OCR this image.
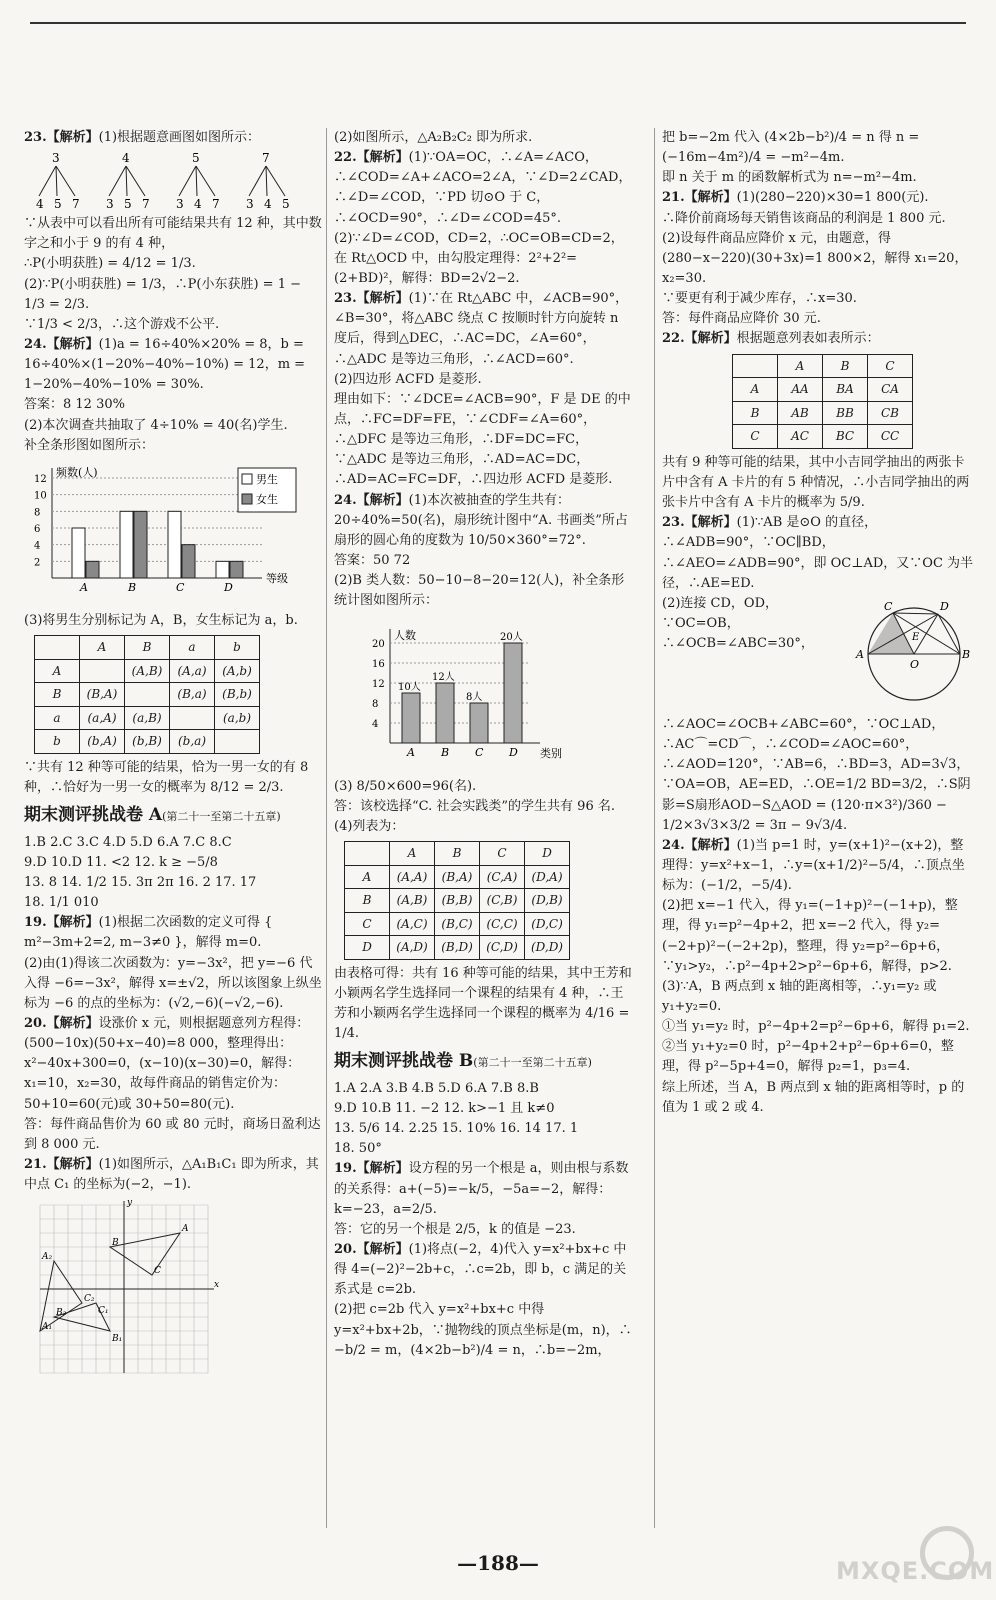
23.【解析】(1)根据题意画图如图所示：

3
4 5 7
4
3 5 7
5
3 4 7
7
3 4 5

∵从表中可以看出所有可能结果共有 12 种，其中数字之和小于 9 的有 4 种，

∴P(小明获胜) = 4/12 = 1/3.

(2)∵P(小明获胜) = 1/3，∴P(小东获胜) = 1 − 1/3 = 2/3.

∵1/3 < 2/3，∴这个游戏不公平.

24.【解析】(1)a = 16÷40%×20% = 8，b = 16÷40%×(1−20%−40%−10%) = 12，m = 1−20%−40%−10% = 30%.

答案：8 12 30%

(2)本次调查共抽取了 4÷10% = 40(名)学生.

补全条形图如图所示：

2
4
6
8
10
12
频数(人)
等级
A	B	C	D
男生
女生

(3)将男生分别标记为 A，B，女生标记为 a，b.

	A	B	a	b
A		(A,B)	(A,a)	(A,b)
B	(B,A)		(B,a)	(B,b)
a	(a,A)	(a,B)		(a,b)
b	(b,A)	(b,B)	(b,a)	

∵共有 12 种等可能的结果，恰为一男一女的有 8 种，∴恰好为一男一女的概率为 8/12 = 2/3.

期末测评挑战卷 A(第二十一至第二十五章)

1.B 2.C 3.C 4.D 5.D 6.A 7.C 8.C

9.D 10.D 11. <2 12. k ≥ −5/8

13. 8 14. 1/2 15. 3π 2π 16. 2 17. 17

18. 1/1 010

19.【解析】(1)根据二次函数的定义可得 { m²−3m+2=2, m−3≠0 }，解得 m=0.

(2)由(1)得该二次函数为：y=−3x²，把 y=−6 代入得 −6=−3x²，解得 x=±√2，所以该图象上纵坐标为 −6 的点的坐标为：(√2,−6)(−√2,−6).

20.【解析】设涨价 x 元，则根据题意列方程得：(500−10x)(50+x−40)=8 000，整理得出：x²−40x+300=0，(x−10)(x−30)=0，解得：x₁=10，x₂=30，故每件商品的销售定价为：50+10=60(元)或 30+50=80(元).

答：每件商品售价为 60 或 80 元时，商场日盈利达到 8 000 元.

21.【解析】(1)如图所示，△A₁B₁C₁ 即为所求，其中点 C₁ 的坐标为(−2，−1).

x
y
B
A
C
A₂
B₂
C₂
A₁
C₁
B₁

(2)如图所示，△A₂B₂C₂ 即为所求.

22.【解析】(1)∵OA=OC，∴∠A=∠ACO，∴∠COD=∠A+∠ACO=2∠A，∵∠D=2∠CAD，∴∠D=∠COD，∵PD 切⊙O 于 C，∴∠OCD=90°，∴∠D=∠COD=45°.

(2)∵∠D=∠COD，CD=2，∴OC=OB=CD=2，在 Rt△OCD 中，由勾股定理得：2²+2²=(2+BD)²，解得：BD=2√2−2.

23.【解析】(1)∵在 Rt△ABC 中，∠ACB=90°，∠B=30°，将△ABC 绕点 C 按顺时针方向旋转 n 度后，得到△DEC，∴AC=DC，∠A=60°，∴△ADC 是等边三角形，∴∠ACD=60°.

(2)四边形 ACFD 是菱形.

理由如下：∵∠DCE=∠ACB=90°，F 是 DE 的中点，∴FC=DF=FE，∵∠CDF=∠A=60°，∴△DFC 是等边三角形，∴DF=DC=FC，∵△ADC 是等边三角形，∴AD=AC=DC，∴AD=AC=FC=DF，∴四边形 ACFD 是菱形.

24.【解析】(1)本次被抽查的学生共有：20÷40%=50(名)，扇形统计图中“A. 书画类”所占扇形的圆心角的度数为 10/50×360°=72°.

答案：50 72

(2)B 类人数：50−10−8−20=12(人)，补全条形统计图如图所示：

4
8
12
16
20
人数
类别
10人
A
12人
B
8人
C
20人
D

(3) 8/50×600=96(名).

答：该校选择“C. 社会实践类”的学生共有 96 名.

(4)列表为：

	A	B	C	D
A	(A,A)	(B,A)	(C,A)	(D,A)
B	(A,B)	(B,B)	(C,B)	(D,B)
C	(A,C)	(B,C)	(C,C)	(D,C)
D	(A,D)	(B,D)	(C,D)	(D,D)

由表格可得：共有 16 种等可能的结果，其中王芳和小颖两名学生选择同一个课程的结果有 4 种，∴王芳和小颖两名学生选择同一个课程的概率为 4/16 = 1/4.

期末测评挑战卷 B(第二十一至第二十五章)

1.A 2.A 3.B 4.B 5.D 6.A 7.B 8.B

9.D 10.B 11. −2 12. k>−1 且 k≠0

13. 5/6 14. 2.25 15. 10% 16. 14 17. 1

18. 50°

19.【解析】设方程的另一个根是 a，则由根与系数的关系得：a+(−5)=−k/5，−5a=−2，解得：k=−23，a=2/5.

答：它的另一个根是 2/5，k 的值是 −23.

20.【解析】(1)将点(−2，4)代入 y=x²+bx+c 中得 4=(−2)²−2b+c，∴c=2b，即 b，c 满足的关系式是 c=2b.

(2)把 c=2b 代入 y=x²+bx+c 中得 y=x²+bx+2b，∵抛物线的顶点坐标是(m，n)，∴ −b/2 = m，(4×2b−b²)/4 = n，∴b=−2m，

把 b=−2m 代入 (4×2b−b²)/4 = n 得 n = (−16m−4m²)/4 = −m²−4m.

即 n 关于 m 的函数解析式为 n=−m²−4m.

21.【解析】(1)(280−220)×30=1 800(元).

∴降价前商场每天销售该商品的利润是 1 800 元.

(2)设每件商品应降价 x 元，由题意，得 (280−x−220)(30+3x)=1 800×2，解得 x₁=20，x₂=30.

∵要更有利于减少库存，∴x=30.

答：每件商品应降价 30 元.

22.【解析】根据题意列表如表所示：

	A	B	C
A	AA	BA	CA
B	AB	BB	CB
C	AC	BC	CC

共有 9 种等可能的结果，其中小吉同学抽出的两张卡片中含有 A 卡片的有 5 种情况，∴小吉同学抽出的两张卡片中含有 A 卡片的概率为 5/9.

23.【解析】(1)∵AB 是⊙O 的直径，∴∠ADB=90°，∵OC∥BD，∴∠AEO=∠ADB=90°，即 OC⊥AD，又∵OC 为半径，∴AE=ED.

A	B
C	D
E
O

(2)连接 CD，OD，∵OC=OB，∴∠OCB=∠ABC=30°，∴∠AOC=∠OCB+∠ABC=60°，∵OC⊥AD，∴AC⌒=CD⌒，∴∠COD=∠AOC=60°，∴∠AOD=120°，∵AB=6，∴BD=3，AD=3√3，∵OA=OB，AE=ED，∴OE=1/2 BD=3/2，∴S阴影=S扇形AOD−S△AOD = (120·π×3²)/360 − 1/2×3√3×3/2 = 3π − 9√3/4.

24.【解析】(1)当 p=1 时，y=(x+1)²−(x+2)，整理得：y=x²+x−1，∴y=(x+1/2)²−5/4，∴顶点坐标为：(−1/2，−5/4).

(2)把 x=−1 代入，得 y₁=(−1+p)²−(−1+p)，整理，得 y₁=p²−4p+2，把 x=−2 代入，得 y₂=(−2+p)²−(−2+2p)，整理，得 y₂=p²−6p+6，∵y₁>y₂，∴p²−4p+2>p²−6p+6，解得，p>2.

(3)∵A，B 两点到 x 轴的距离相等，∴y₁=y₂ 或 y₁+y₂=0.

①当 y₁=y₂ 时，p²−4p+2=p²−6p+6，解得 p₁=2.

②当 y₁+y₂=0 时，p²−4p+2+p²−6p+6=0，整理，得 p²−5p+4=0，解得 p₂=1，p₃=4.

综上所述，当 A，B 两点到 x 轴的距离相等时，p 的值为 1 或 2 或 4.

—188—	MXQE.COM
